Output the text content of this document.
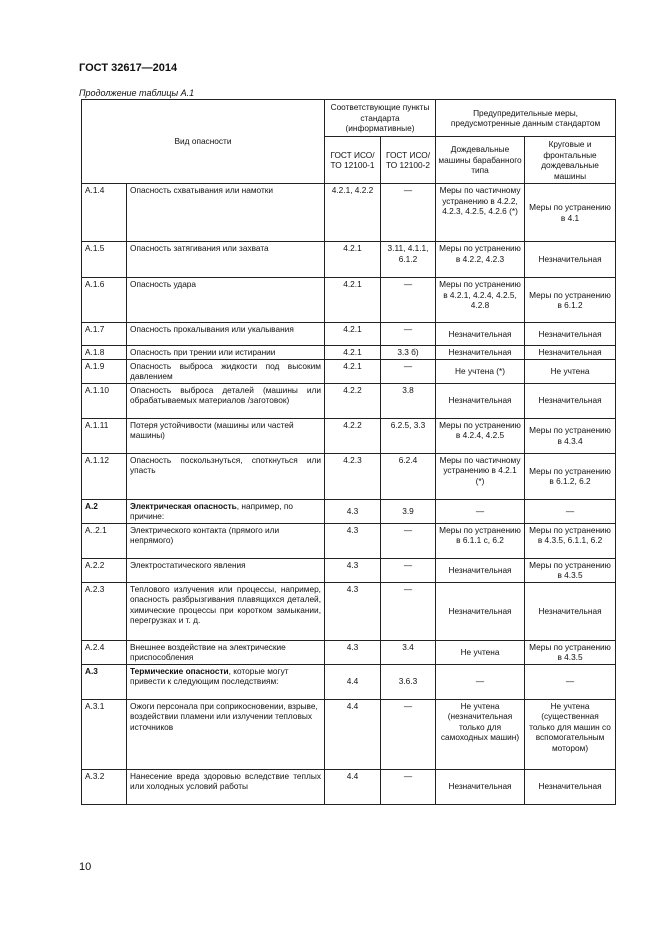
ГОСТ 32617—2014
Продолжение таблицы А.1
Вид опасности		Соответствующие пункты стандарта (информативные)		Предупредительные меры, предусмотренные данным стандартом	
		ГОСТ ИСО/ТО 12100-1	ГОСТ ИСО/ТО 12100-2	Дождевальные машины барабанного типа	Круговые и фронтальные дождевальные машины
А.1.4	Опасность схватывания или намотки	4.2.1, 4.2.2	—	Меры по частичному устранению в 4.2.2, 4.2.3, 4.2.5, 4.2.6 (*)	Меры по устранению в 4.1
А.1.5	Опасность затягивания или захвата	4.2.1	3.11, 4.1.1, 6.1.2	Меры по устранению в 4.2.2, 4.2.3	Незначительная
А.1.6	Опасность удара	4.2.1	—	Меры по устранению в 4.2.1, 4.2.4, 4.2.5, 4.2.8	Меры по устранению в 6.1.2
А.1.7	Опасность прокалывания или укалывания	4.2.1	—	Незначительная	Незначительная
А.1.8	Опасность при трении или истирании	4.2.1	3.3 б)	Незначительная	Незначительная
А.1.9	Опасность выброса жидкости под высоким давлением	4.2.1	—	Не учтена (*)	Не учтена
А.1.10	Опасность выброса деталей (машины или обрабатываемых материалов /заготовок)	4.2.2	3.8	Незначительная	Незначительная
А.1.11	Потеря устойчивости (машины или частей машины)	4.2.2	6.2.5, 3.3	Меры по устранению в 4.2.4, 4.2.5	Меры по устранению в 4.3.4
А.1.12	Опасность поскользнуться, споткнуться или упасть	4.2.3	6.2.4	Меры по частичному устранению в 4.2.1 (*)	Меры по устранению в 6.1.2, 6.2
А.2	Электрическая опасность, например, по причине:	4.3	3.9	—	—
А..2.1	Электрического контакта (прямого или непрямого)	4.3	—	Меры по устранению в 6.1.1 с, 6.2	Меры по устранению в 4.3.5, 6.1.1, 6.2
А.2.2	Электростатического явления	4.3	—	Незначительная	Меры по устранению в 4.3.5
А.2.3	Теплового излучения или процессы, например, опасность разбрызгивания плавящихся деталей, химические процессы при коротком замыкании, перегрузках и т. д.	4.3	—	Незначительная	Незначительная
А.2.4	Внешнее воздействие на электрические приспособления	4.3	3.4	Не учтена	Меры по устранению в 4.3.5
А.3	Термические опасности, которые могут привести к следующим последствиям:	4.4	3.6.3	—	—
А.3.1	Ожоги персонала при соприкосновении, взрыве, воздействии пламени или излучении тепловых источников	4.4	—	Не учтена (незначительная только для самоходных машин)	Не учтена (существенная только для машин со вспомогательным мотором)
А.3.2	Нанесение вреда здоровью вследствие теплых или холодных условий работы	4.4	—	Незначительная	Незначительная
10
